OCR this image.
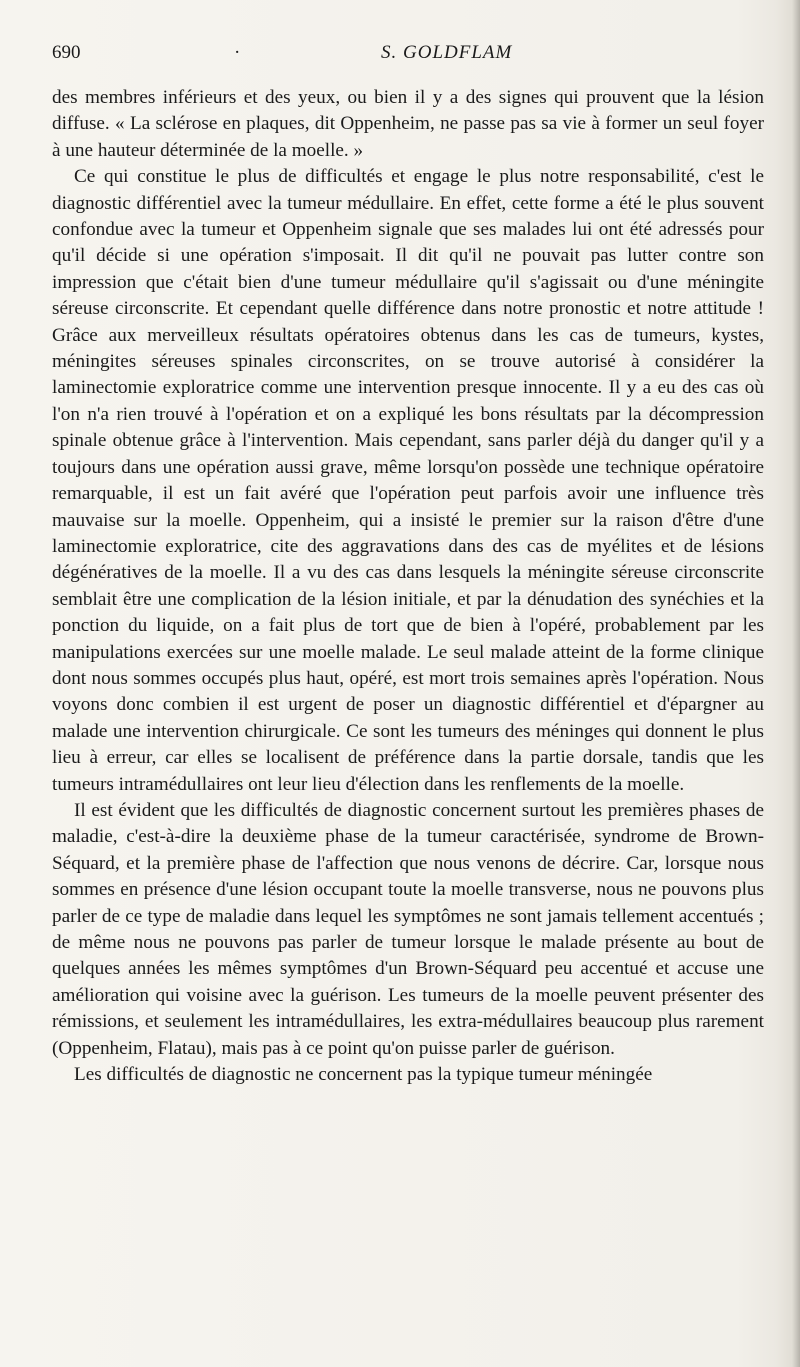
690	·	S. GOLDFLAM

des membres inférieurs et des yeux, ou bien il y a des signes qui prouvent que la lésion diffuse. « La sclérose en plaques, dit Oppenheim, ne passe pas sa vie à former un seul foyer à une hauteur déterminée de la moelle. »

Ce qui constitue le plus de difficultés et engage le plus notre responsabilité, c'est le diagnostic différentiel avec la tumeur médullaire. En effet, cette forme a été le plus souvent confondue avec la tumeur et Oppenheim signale que ses malades lui ont été adressés pour qu'il décide si une opération s'imposait. Il dit qu'il ne pouvait pas lutter contre son impression que c'était bien d'une tumeur médullaire qu'il s'agissait ou d'une méningite séreuse circonscrite. Et cependant quelle différence dans notre pronostic et notre attitude ! Grâce aux merveilleux résultats opératoires obtenus dans les cas de tumeurs, kystes, méningites séreuses spinales circonscrites, on se trouve autorisé à considérer la laminectomie exploratrice comme une intervention presque innocente. Il y a eu des cas où l'on n'a rien trouvé à l'opération et on a expliqué les bons résultats par la décompression spinale obtenue grâce à l'intervention. Mais cependant, sans parler déjà du danger qu'il y a toujours dans une opération aussi grave, même lorsqu'on possède une technique opératoire remarquable, il est un fait avéré que l'opération peut parfois avoir une influence très mauvaise sur la moelle. Oppenheim, qui a insisté le premier sur la raison d'être d'une laminectomie exploratrice, cite des aggravations dans des cas de myélites et de lésions dégénératives de la moelle. Il a vu des cas dans lesquels la méningite séreuse circonscrite semblait être une complication de la lésion initiale, et par la dénudation des synéchies et la ponction du liquide, on a fait plus de tort que de bien à l'opéré, probablement par les manipulations exercées sur une moelle malade. Le seul malade atteint de la forme clinique dont nous sommes occupés plus haut, opéré, est mort trois semaines après l'opération. Nous voyons donc combien il est urgent de poser un diagnostic différentiel et d'épargner au malade une intervention chirurgicale. Ce sont les tumeurs des méninges qui donnent le plus lieu à erreur, car elles se localisent de préférence dans la partie dorsale, tandis que les tumeurs intramédullaires ont leur lieu d'élection dans les renflements de la moelle.

Il est évident que les difficultés de diagnostic concernent surtout les premières phases de maladie, c'est-à-dire la deuxième phase de la tumeur caractérisée, syndrome de Brown-Séquard, et la première phase de l'affection que nous venons de décrire. Car, lorsque nous sommes en présence d'une lésion occupant toute la moelle transverse, nous ne pouvons plus parler de ce type de maladie dans lequel les symptômes ne sont jamais tellement accentués ; de même nous ne pouvons pas parler de tumeur lorsque le malade présente au bout de quelques années les mêmes symptômes d'un Brown-Séquard peu accentué et accuse une amélioration qui voisine avec la guérison. Les tumeurs de la moelle peuvent présenter des rémissions, et seulement les intramédullaires, les extra-médullaires beaucoup plus rarement (Oppenheim, Flatau), mais pas à ce point qu'on puisse parler de guérison.

Les difficultés de diagnostic ne concernent pas la typique tumeur méningée
